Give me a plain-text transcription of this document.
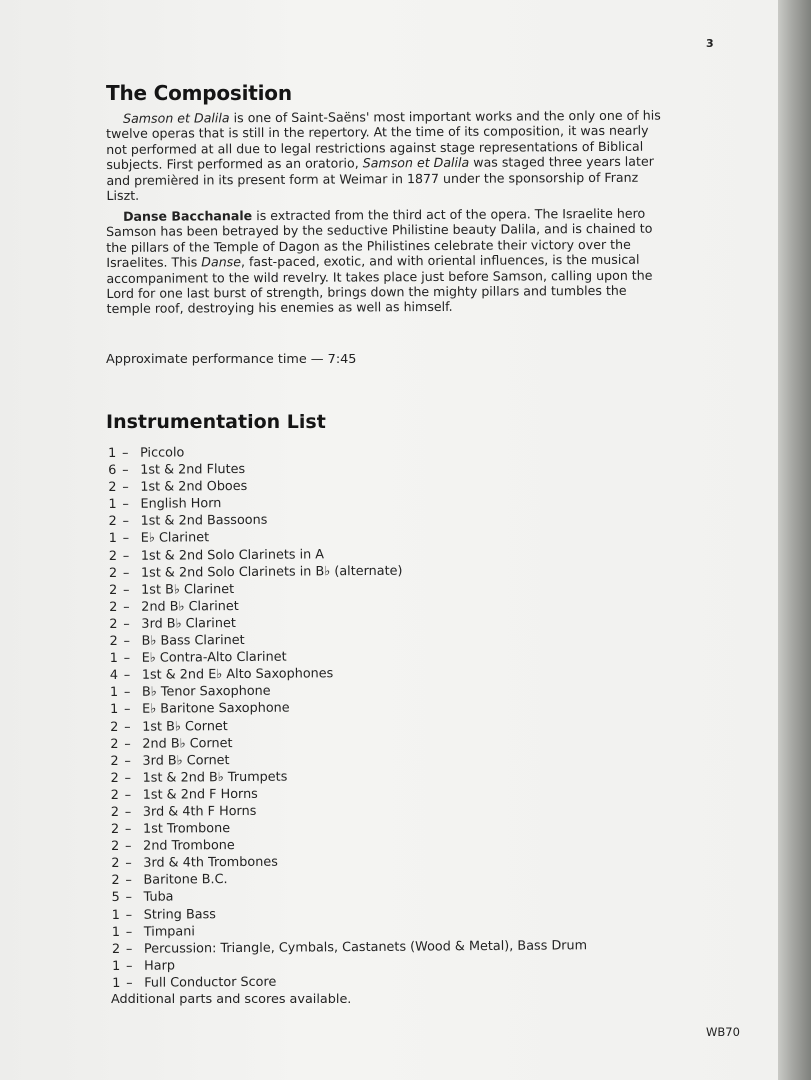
3
The Composition
Samson et Dalila is one of Saint-Saëns' most important works and the only one of his twelve operas that is still in the repertory. At the time of its composition, it was nearly not performed at all due to legal restrictions against stage representations of Biblical subjects. First performed as an oratorio, Samson et Dalila was staged three years later and premièred in its present form at Weimar in 1877 under the sponsorship of Franz Liszt.
Danse Bacchanale is extracted from the third act of the opera. The Israelite hero Samson has been betrayed by the seductive Philistine beauty Dalila, and is chained to the pillars of the Temple of Dagon as the Philistines celebrate their victory over the Israelites. This Danse, fast-paced, exotic, and with oriental influences, is the musical accompaniment to the wild revelry. It takes place just before Samson, calling upon the Lord for one last burst of strength, brings down the mighty pillars and tumbles the temple roof, destroying his enemies as well as himself.
Approximate performance time — 7:45
Instrumentation List
1 – Piccolo
6 – 1st & 2nd Flutes
2 – 1st & 2nd Oboes
1 – English Horn
2 – 1st & 2nd Bassoons
1 – E♭ Clarinet
2 – 1st & 2nd Solo Clarinets in A
2 – 1st & 2nd Solo Clarinets in B♭ (alternate)
2 – 1st B♭ Clarinet
2 – 2nd B♭ Clarinet
2 – 3rd B♭ Clarinet
2 – B♭ Bass Clarinet
1 – E♭ Contra-Alto Clarinet
4 – 1st & 2nd E♭ Alto Saxophones
1 – B♭ Tenor Saxophone
1 – E♭ Baritone Saxophone
2 – 1st B♭ Cornet
2 – 2nd B♭ Cornet
2 – 3rd B♭ Cornet
2 – 1st & 2nd B♭ Trumpets
2 – 1st & 2nd F Horns
2 – 3rd & 4th F Horns
2 – 1st Trombone
2 – 2nd Trombone
2 – 3rd & 4th Trombones
2 – Baritone B.C.
5 – Tuba
1 – String Bass
1 – Timpani
2 – Percussion: Triangle, Cymbals, Castanets (Wood & Metal), Bass Drum
1 – Harp
1 – Full Conductor Score
Additional parts and scores available.
WB70
